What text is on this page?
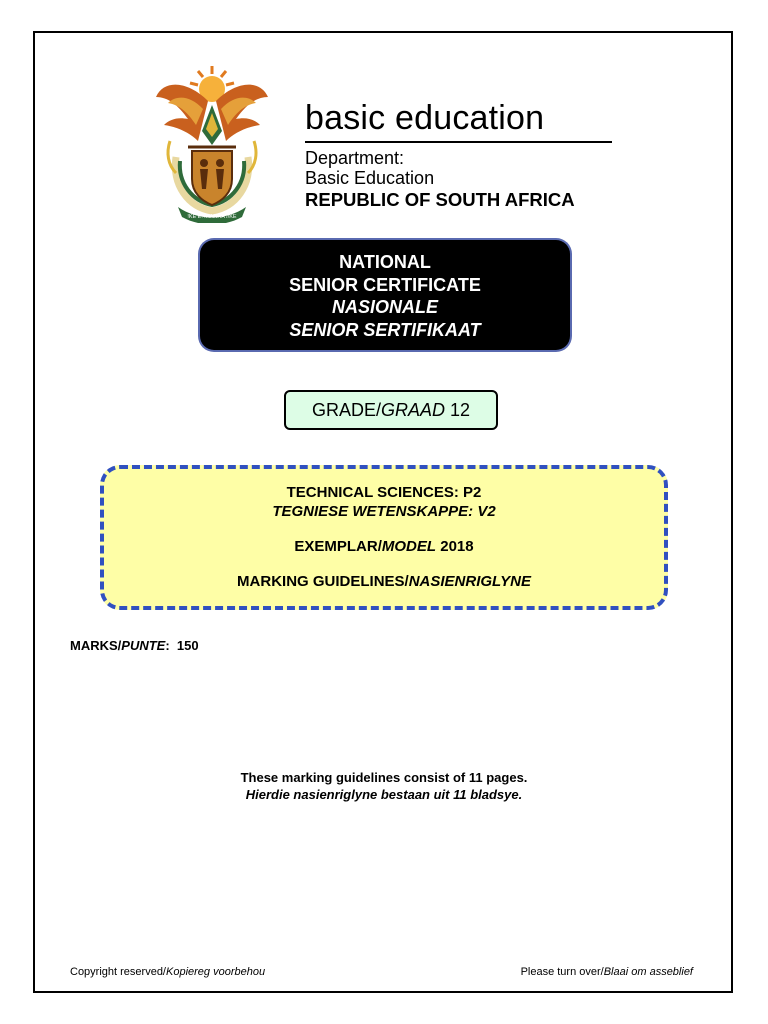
!KE E: /XARRA //KE
basic education
Department:
Basic Education
REPUBLIC OF SOUTH AFRICA
NATIONAL
SENIOR CERTIFICATE
NASIONALE
SENIOR SERTIFIKAAT
GRADE/GRAAD 12
TECHNICAL SCIENCES: P2
TEGNIESE WETENSKAPPE: V2
EXEMPLAR/MODEL 2018
MARKING GUIDELINES/NASIENRIGLYNE
MARKS/PUNTE: 150
These marking guidelines consist of 11 pages.
Hierdie nasienriglyne bestaan uit 11 bladsye.
Copyright reserved/Kopiereg voorbehou	Please turn over/Blaai om asseblief
